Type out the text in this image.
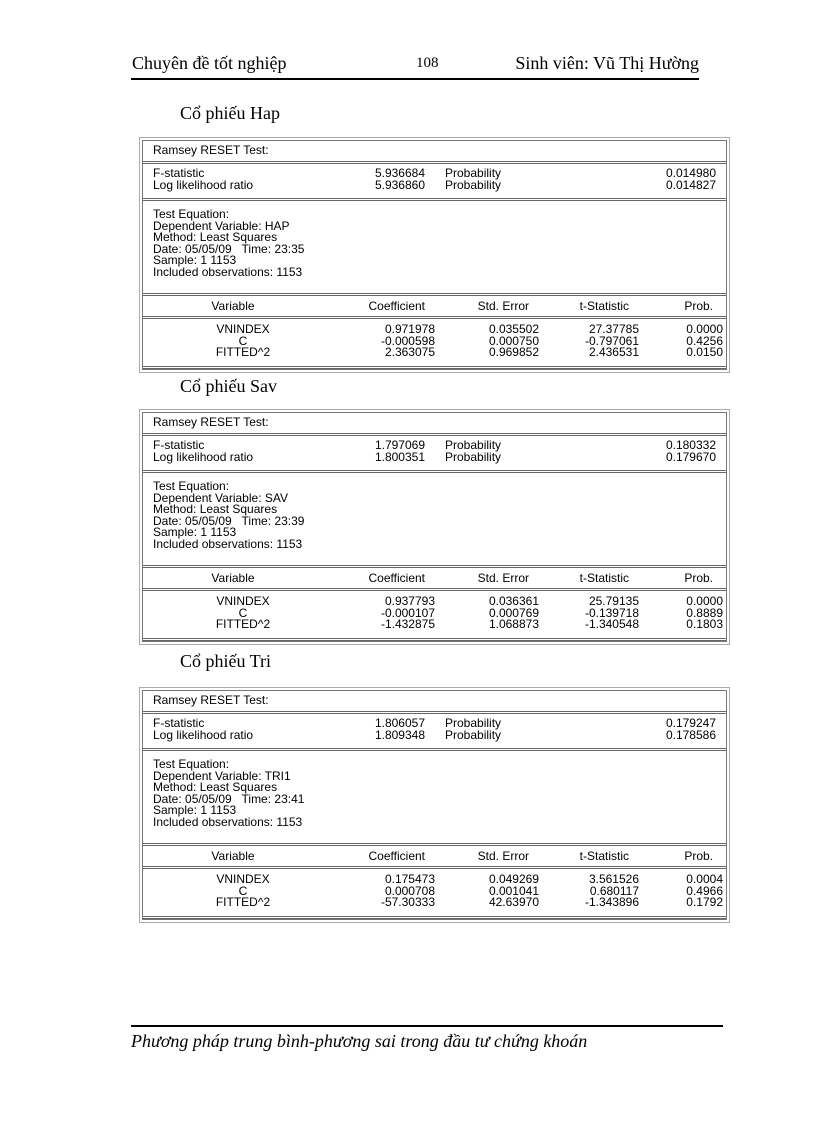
Chuyên đề tốt nghiệp	108	Sinh viên: Vũ Thị Hường
Cổ phiếu Hap
Ramsey RESET Test:
F-statistic	5.936684 Probability	0.014980
Log likelihood ratio	5.936860 Probability	0.014827
Test Equation:
Dependent Variable: HAP
Method: Least Squares
Date: 05/05/09   Time: 23:35
Sample: 1 1153
Included observations: 1153
Variable	Coefficient	Std. Error	t-Statistic	Prob.
VNINDEX	0.971978	0.035502	27.37785	0.0000
C	-0.000598	0.000750	-0.797061	0.4256
FITTED^2	2.363075	0.969852	2.436531	0.0150
Cổ phiếu Sav
Ramsey RESET Test:
F-statistic	1.797069 Probability	0.180332
Log likelihood ratio	1.800351 Probability	0.179670
Test Equation:
Dependent Variable: SAV
Method: Least Squares
Date: 05/05/09   Time: 23:39
Sample: 1 1153
Included observations: 1153
Variable	Coefficient	Std. Error	t-Statistic	Prob.
VNINDEX	0.937793	0.036361	25.79135	0.0000
C	-0.000107	0.000769	-0.139718	0.8889
FITTED^2	-1.432875	1.068873	-1.340548	0.1803
Cổ phiếu Tri
Ramsey RESET Test:
F-statistic	1.806057 Probability	0.179247
Log likelihood ratio	1.809348 Probability	0.178586
Test Equation:
Dependent Variable: TRI1
Method: Least Squares
Date: 05/05/09   Time: 23:41
Sample: 1 1153
Included observations: 1153
Variable	Coefficient	Std. Error	t-Statistic	Prob.
VNINDEX	0.175473	0.049269	3.561526	0.0004
C	0.000708	0.001041	0.680117	0.4966
FITTED^2	-57.30333	42.63970	-1.343896	0.1792
Phương pháp trung bình-phương sai trong đầu tư chứng khoán
